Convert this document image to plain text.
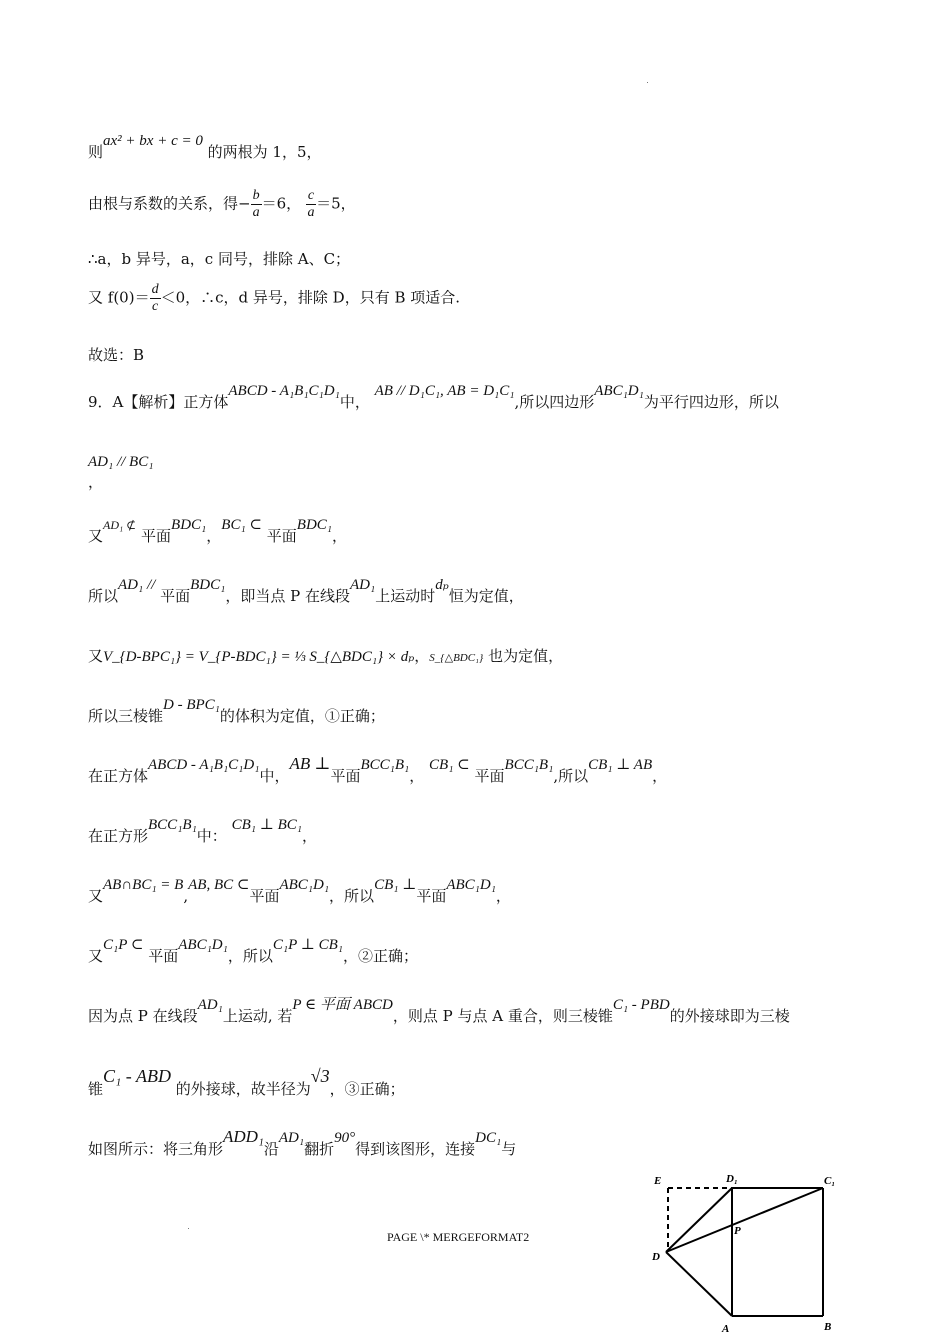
则ax² + bx + c = 0 的两根为 1，5，
由根与系数的关系，得− $\frac{b}{a} =6$， $\frac{c}{a} =5$，
∴a，b 异号，a，c 同号，排除 A、C；
又 $f(0)= \frac{d}{c} <0$，∴c，d 异号，排除 D，只有 B 项适合.
故选：B
9．A【解析】正方体ABCD - A₁B₁C₁D₁中， AB // D₁C₁, AB = D₁C₁,所以四边形ABC₁D₁为平行四边形，所以
AD₁ // BC₁
，
又$^{AD_1 ⊄}$ 平面BDC₁，BC₁ ⊂ 平面BDC₁，
所以AD₁ // 平面BDC₁，即当点 P 在线段AD₁上运动时dₚ恒为定值，
又V_{D-BPC₁} = V_{P-BDC₁} = ⅓ S_{△BDC₁} × dₚ，S_{△BDC₁} 也为定值，
所以三棱锥D - BPC₁的体积为定值，①正确；
在正方体ABCD - A₁B₁C₁D₁中，AB ⊥平面BCC₁B₁， CB₁ ⊂ 平面BCC₁B₁,所以CB₁ ⊥ AB，
在正方形BCC₁B₁中： CB₁ ⊥ BC₁，
又AB∩BC₁ = B,AB, BC ⊂平面ABC₁D₁，所以CB₁ ⊥平面ABC₁D₁，
又C₁P ⊂ 平面ABC₁D₁，所以C₁P ⊥ CB₁，②正确；
因为点 P 在线段AD₁上运动, 若P ∈ 平面 ABCD，则点 P 与点 A 重合，则三棱锥C₁ - PBD的外接球即为三棱
锥C₁ - ABD 的外接球，故半径为√3，③正确；
如图所示：将三角形ADD₁沿AD₁翻折90°得到该图形，连接DC₁与
PAGE \* MERGEFORMAT2
E	D₁	C₁
P
D
A	B
